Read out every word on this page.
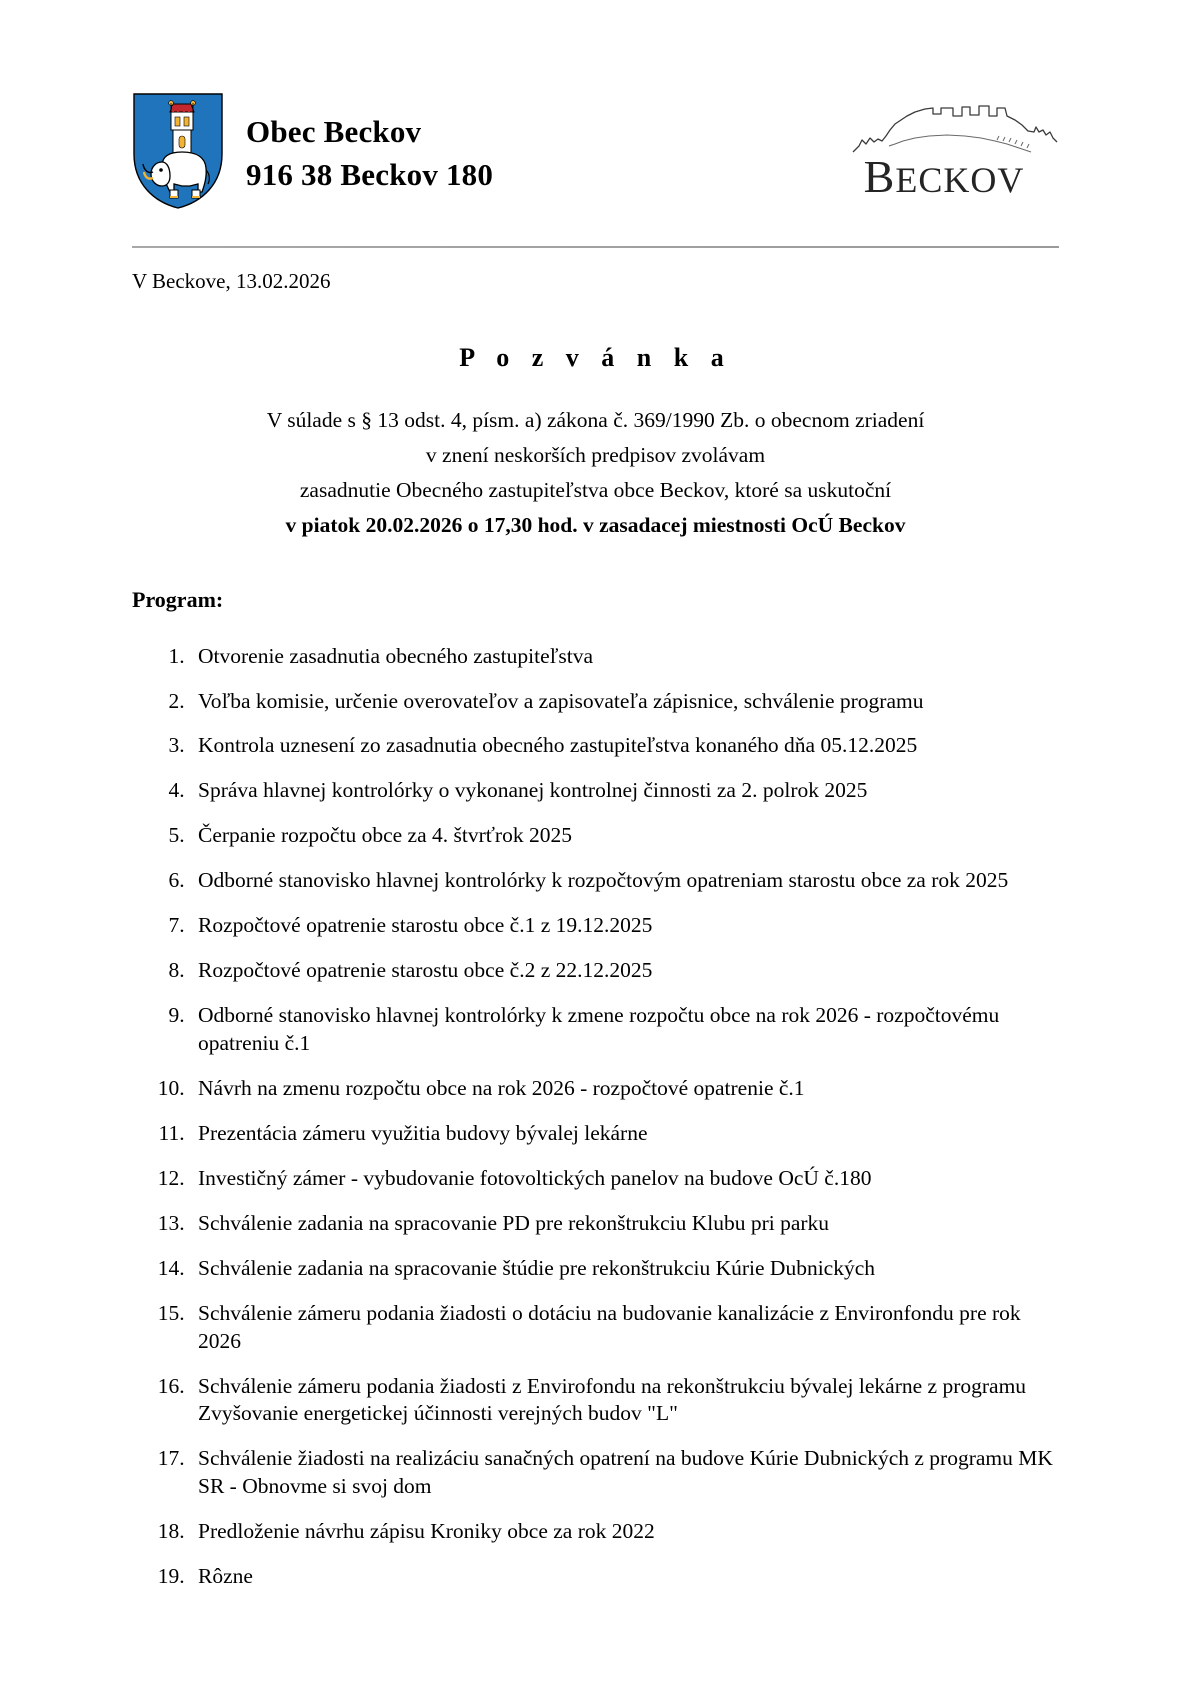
Obec Beckov
916 38 Beckov 180	BECKOV
V Beckove, 13.02.2026
P o z v á n k a
V súlade s § 13 odst. 4, písm. a) zákona č. 369/1990 Zb. o obecnom zriadení
v znení neskorších predpisov zvolávam
zasadnutie Obecného zastupiteľstva obce Beckov, ktoré sa uskutoční
v piatok 20.02.2026 o 17,30 hod. v zasadacej miestnosti OcÚ Beckov
Program:
1. Otvorenie zasadnutia obecného zastupiteľstva
2. Voľba komisie, určenie overovateľov a zapisovateľa zápisnice, schválenie programu
3. Kontrola uznesení zo zasadnutia obecného zastupiteľstva konaného dňa 05.12.2025
4. Správa hlavnej kontrolórky o vykonanej kontrolnej činnosti za 2. polrok 2025
5. Čerpanie rozpočtu obce za 4. štvrťrok 2025
6. Odborné stanovisko hlavnej kontrolórky k rozpočtovým opatreniam starostu obce za rok 2025
7. Rozpočtové opatrenie starostu obce č.1 z 19.12.2025
8. Rozpočtové opatrenie starostu obce č.2 z 22.12.2025
9. Odborné stanovisko hlavnej kontrolórky k zmene rozpočtu obce na rok 2026 - rozpočtovému opatreniu č.1
10. Návrh na zmenu rozpočtu obce na rok 2026 - rozpočtové opatrenie č.1
11. Prezentácia zámeru využitia budovy bývalej lekárne
12. Investičný zámer - vybudovanie fotovoltických panelov na budove OcÚ č.180
13. Schválenie zadania na spracovanie PD pre rekonštrukciu Klubu pri parku
14. Schválenie zadania na spracovanie štúdie pre rekonštrukciu Kúrie Dubnických
15. Schválenie zámeru podania žiadosti o dotáciu na budovanie kanalizácie z Environfondu pre rok 2026
16. Schválenie zámeru podania žiadosti z Envirofondu na rekonštrukciu bývalej lekárne z programu Zvyšovanie energetickej účinnosti verejných budov "L"
17. Schválenie žiadosti na realizáciu sanačných opatrení na budove Kúrie Dubnických z programu MK SR - Obnovme si svoj dom
18. Predloženie návrhu zápisu Kroniky obce za rok 2022
19. Rôzne
